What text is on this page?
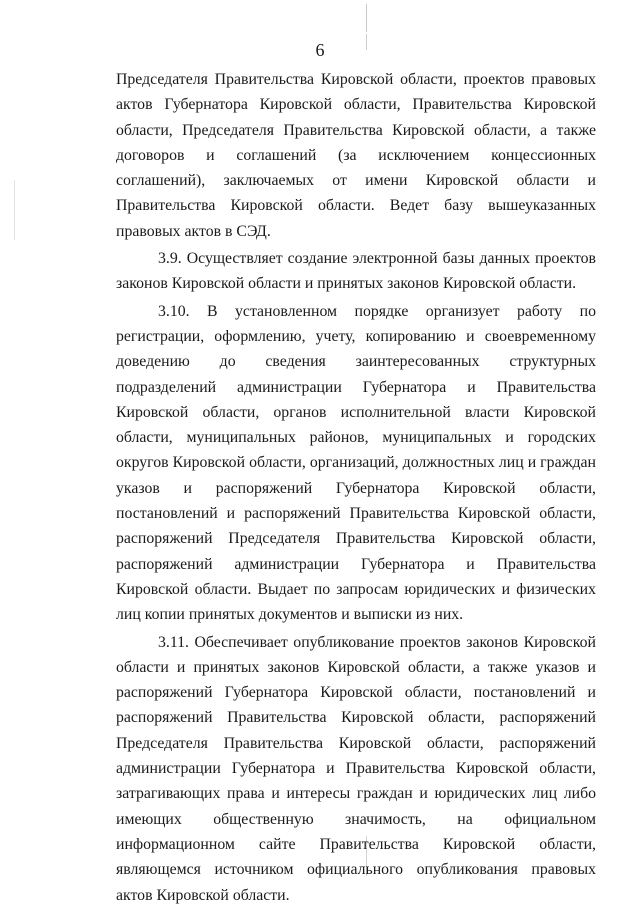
6

Председателя Правительства Кировской области, проектов правовых актов Губернатора Кировской области, Правительства Кировской области, Председателя Правительства Кировской области, а также договоров и соглашений (за исключением концессионных соглашений), заключаемых от имени Кировской области и Правительства Кировской области. Ведет базу вышеуказанных правовых актов в СЭД.

3.9. Осуществляет создание электронной базы данных проектов законов Кировской области и принятых законов Кировской области.

3.10. В установленном порядке организует работу по регистрации, оформлению, учету, копированию и своевременному доведению до сведения заинтересованных структурных подразделений администрации Губернатора и Правительства Кировской области, органов исполнительной власти Кировской области, муниципальных районов, муниципальных и городских округов Кировской области, организаций, должностных лиц и граждан указов и распоряжений Губернатора Кировской области, постановлений и распоряжений Правительства Кировской области, распоряжений Председателя Правительства Кировской области, распоряжений администрации Губернатора и Правительства Кировской области. Выдает по запросам юридических и физических лиц копии принятых документов и выписки из них.

3.11. Обеспечивает опубликование проектов законов Кировской области и принятых законов Кировской области, а также указов и распоряжений Губернатора Кировской области, постановлений и распоряжений Правительства Кировской области, распоряжений Председателя Правительства Кировской области, распоряжений администрации Губернатора и Правительства Кировской области, затрагивающих права и интересы граждан и юридических лиц либо имеющих общественную значимость, на официальном информационном сайте Правительства Кировской области, являющемся источником официального опубликования правовых актов Кировской области.
